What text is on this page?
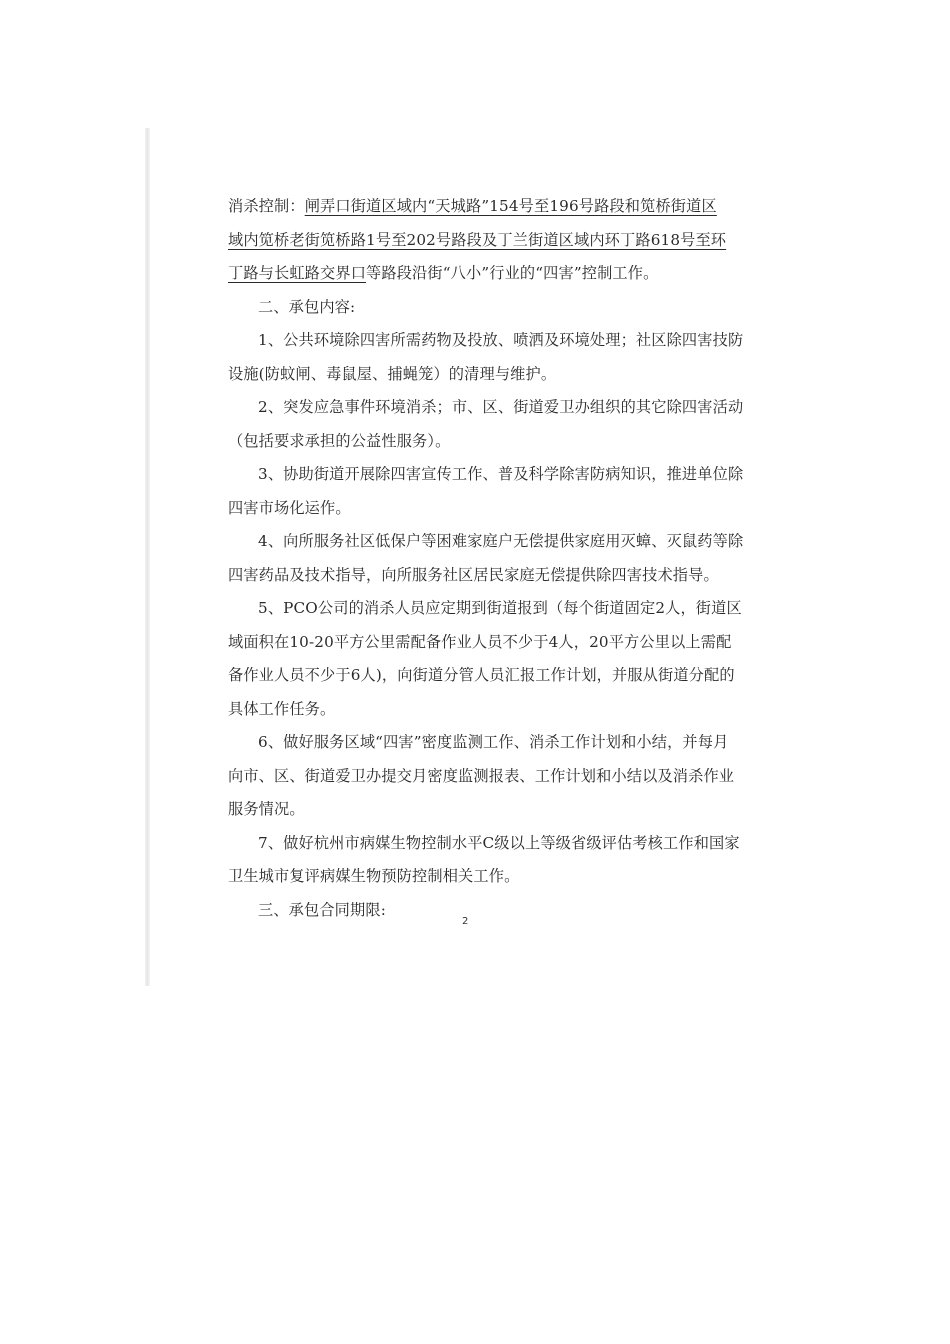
消杀控制：闸弄口街道区域内“天城路”154号至196号路段和笕桥街道区
域内笕桥老街笕桥路1号至202号路段及丁兰街道区域内环丁路618号至环
丁路与长虹路交界口等路段沿街“八小”行业的“四害”控制工作。
二、承包内容:
1、公共环境除四害所需药物及投放、喷洒及环境处理；社区除四害技防
设施(防蚊闸、毒鼠屋、捕蝇笼）的清理与维护。
2、突发应急事件环境消杀；市、区、街道爱卫办组织的其它除四害活动
（包括要求承担的公益性服务）。
3、协助街道开展除四害宣传工作、普及科学除害防病知识，推进单位除
四害市场化运作。
4、向所服务社区低保户等困难家庭户无偿提供家庭用灭蟑、灭鼠药等除
四害药品及技术指导，向所服务社区居民家庭无偿提供除四害技术指导。
5、PCO公司的消杀人员应定期到街道报到（每个街道固定2人，街道区
域面积在10-20平方公里需配备作业人员不少于4人，20平方公里以上需配
备作业人员不少于6人)，向街道分管人员汇报工作计划，并服从街道分配的
具体工作任务。
6、做好服务区域“四害”密度监测工作、消杀工作计划和小结，并每月
向市、区、街道爱卫办提交月密度监测报表、工作计划和小结以及消杀作业
服务情况。
7、做好杭州市病媒生物控制水平C级以上等级省级评估考核工作和国家
卫生城市复评病媒生物预防控制相关工作。
三、承包合同期限:
2
